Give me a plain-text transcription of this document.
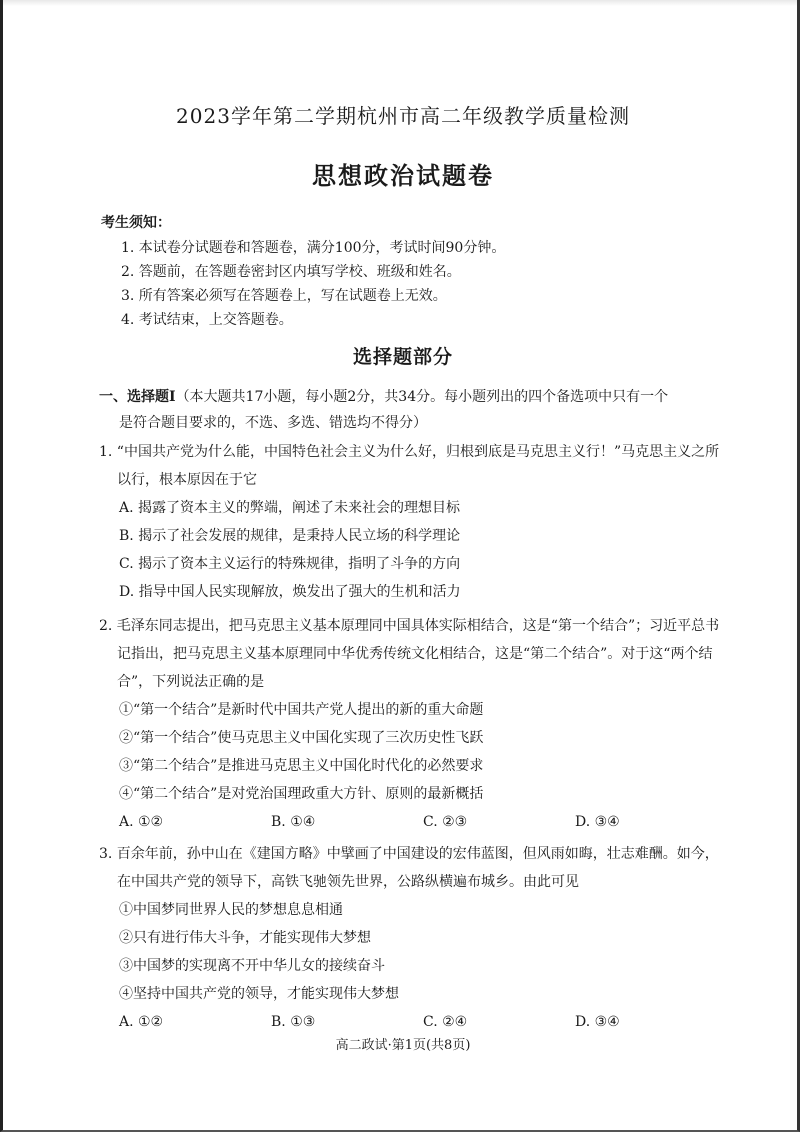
2023学年第二学期杭州市高二年级教学质量检测
思想政治试题卷
考生须知：
1. 本试卷分试题卷和答题卷，满分100分，考试时间90分钟。
2. 答题前，在答题卷密封区内填写学校、班级和姓名。
3. 所有答案必须写在答题卷上，写在试题卷上无效。
4. 考试结束，上交答题卷。
选择题部分
一、选择题Ⅰ（本大题共17小题，每小题2分，共34分。每小题列出的四个备选项中只有一个
是符合题目要求的，不选、多选、错选均不得分）
1. “中国共产党为什么能，中国特色社会主义为什么好，归根到底是马克思主义行！”马克思主义之所以行，根本原因在于它
A. 揭露了资本主义的弊端，阐述了未来社会的理想目标
B. 揭示了社会发展的规律，是秉持人民立场的科学理论
C. 揭示了资本主义运行的特殊规律，指明了斗争的方向
D. 指导中国人民实现解放，焕发出了强大的生机和活力
2. 毛泽东同志提出，把马克思主义基本原理同中国具体实际相结合，这是“第一个结合”；习近平总书记指出，把马克思主义基本原理同中华优秀传统文化相结合，这是“第二个结合”。对于这“两个结合”，下列说法正确的是
①“第一个结合”是新时代中国共产党人提出的新的重大命题
②“第一个结合”使马克思主义中国化实现了三次历史性飞跃
③“第二个结合”是推进马克思主义中国化时代化的必然要求
④“第二个结合”是对党治国理政重大方针、原则的最新概括
A. ①②	B. ①④	C. ②③	D. ③④
3. 百余年前，孙中山在《建国方略》中擘画了中国建设的宏伟蓝图，但风雨如晦，壮志难酬。如今，在中国共产党的领导下，高铁飞驰领先世界，公路纵横遍布城乡。由此可见
①中国梦同世界人民的梦想息息相通
②只有进行伟大斗争，才能实现伟大梦想
③中国梦的实现离不开中华儿女的接续奋斗
④坚持中国共产党的领导，才能实现伟大梦想
A. ①②	B. ①③	C. ②④	D. ③④
高二政试·第1页(共8页)
